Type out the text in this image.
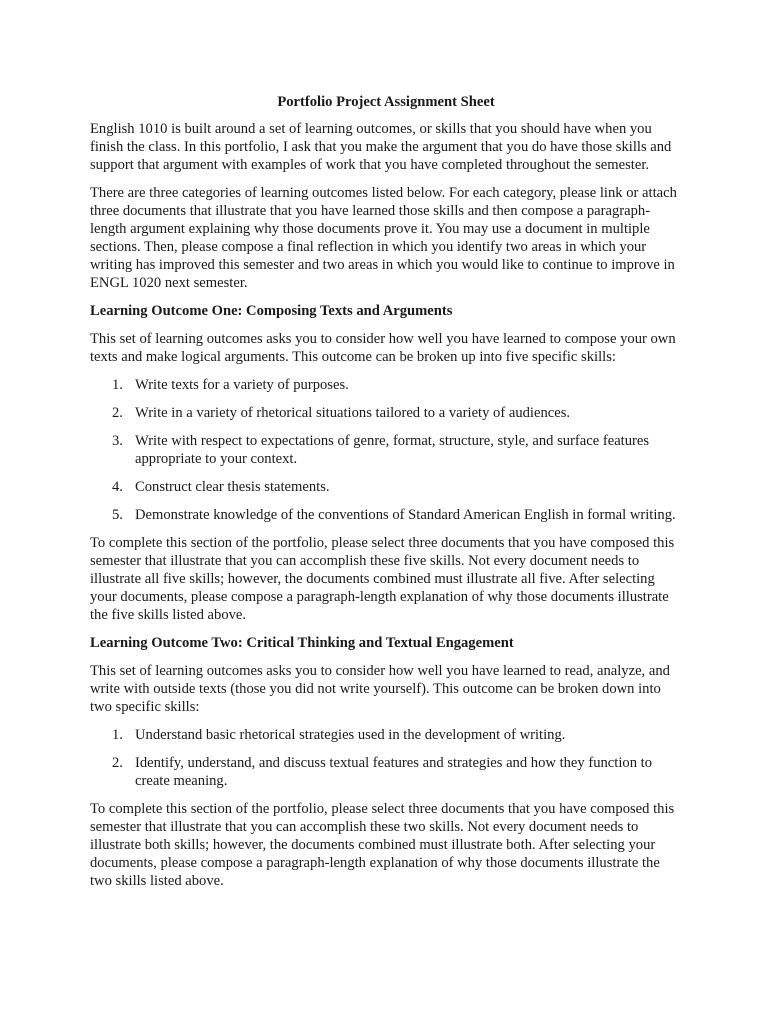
Portfolio Project Assignment Sheet

English 1010 is built around a set of learning outcomes, or skills that you should have when you finish the class. In this portfolio, I ask that you make the argument that you do have those skills and support that argument with examples of work that you have completed throughout the semester.

There are three categories of learning outcomes listed below. For each category, please link or attach three documents that illustrate that you have learned those skills and then compose a paragraph-length argument explaining why those documents prove it. You may use a document in multiple sections. Then, please compose a final reflection in which you identify two areas in which your writing has improved this semester and two areas in which you would like to continue to improve in ENGL 1020 next semester.

Learning Outcome One: Composing Texts and Arguments

This set of learning outcomes asks you to consider how well you have learned to compose your own texts and make logical arguments. This outcome can be broken up into five specific skills:

1. Write texts for a variety of purposes.
2. Write in a variety of rhetorical situations tailored to a variety of audiences.
3. Write with respect to expectations of genre, format, structure, style, and surface features appropriate to your context.
4. Construct clear thesis statements.
5. Demonstrate knowledge of the conventions of Standard American English in formal writing.

To complete this section of the portfolio, please select three documents that you have composed this semester that illustrate that you can accomplish these five skills. Not every document needs to illustrate all five skills; however, the documents combined must illustrate all five. After selecting your documents, please compose a paragraph-length explanation of why those documents illustrate the five skills listed above.

Learning Outcome Two: Critical Thinking and Textual Engagement

This set of learning outcomes asks you to consider how well you have learned to read, analyze, and write with outside texts (those you did not write yourself). This outcome can be broken down into two specific skills:

1. Understand basic rhetorical strategies used in the development of writing.
2. Identify, understand, and discuss textual features and strategies and how they function to create meaning.

To complete this section of the portfolio, please select three documents that you have composed this semester that illustrate that you can accomplish these two skills. Not every document needs to illustrate both skills; however, the documents combined must illustrate both. After selecting your documents, please compose a paragraph-length explanation of why those documents illustrate the two skills listed above.
